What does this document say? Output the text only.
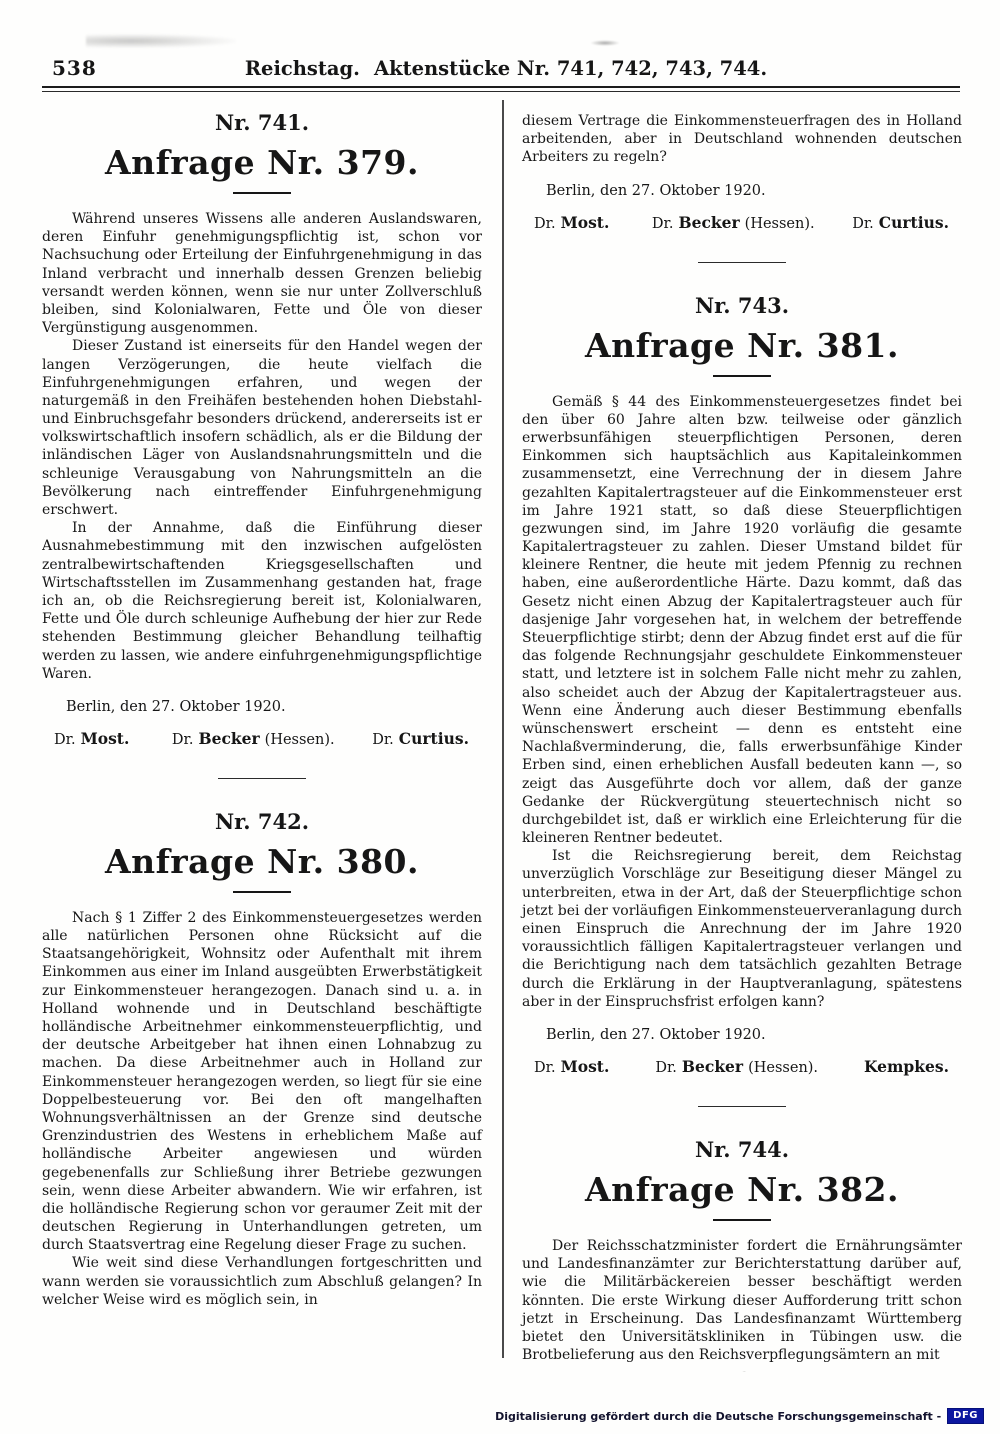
538	Reichstag. Aktenstücke Nr. 741, 742, 743, 744.
Nr. 741.
Anfrage Nr. 379.

Während unseres Wissens alle anderen Auslandswaren, deren Einfuhr genehmigungspflichtig ist, schon vor Nachsuchung oder Erteilung der Einfuhrgenehmigung in das Inland verbracht und innerhalb dessen Grenzen beliebig versandt werden können, wenn sie nur unter Zollverschluß bleiben, sind Kolonialwaren, Fette und Öle von dieser Vergünstigung ausgenommen.

Dieser Zustand ist einerseits für den Handel wegen der langen Verzögerungen, die heute vielfach die Einfuhrgenehmigungen erfahren, und wegen der naturgemäß in den Freihäfen bestehenden hohen Diebstahl- und Einbruchsgefahr besonders drückend, andererseits ist er volkswirtschaftlich insofern schädlich, als er die Bildung der inländischen Läger von Auslandsnahrungsmitteln und die schleunige Verausgabung von Nahrungsmitteln an die Bevölkerung nach eintreffender Einfuhrgenehmigung erschwert.

In der Annahme, daß die Einführung dieser Ausnahmebestimmung mit den inzwischen aufgelösten zentralbewirtschaftenden Kriegsgesellschaften und Wirtschaftsstellen im Zusammenhang gestanden hat, frage ich an, ob die Reichsregierung bereit ist, Kolonialwaren, Fette und Öle durch schleunige Aufhebung der hier zur Rede stehenden Bestimmung gleicher Behandlung teilhaftig werden zu lassen, wie andere einfuhrgenehmigungspflichtige Waren.

Berlin, den 27. Oktober 1920.

Dr. Most.	Dr. Becker (Hessen).	Dr. Curtius.
Nr. 742.
Anfrage Nr. 380.

Nach § 1 Ziffer 2 des Einkommensteuergesetzes werden alle natürlichen Personen ohne Rücksicht auf die Staatsangehörigkeit, Wohnsitz oder Aufenthalt mit ihrem Einkommen aus einer im Inland ausgeübten Erwerbstätigkeit zur Einkommensteuer herangezogen. Danach sind u. a. in Holland wohnende und in Deutschland beschäftigte holländische Arbeitnehmer einkommensteuerpflichtig, und der deutsche Arbeitgeber hat ihnen einen Lohnabzug zu machen. Da diese Arbeitnehmer auch in Holland zur Einkommensteuer herangezogen werden, so liegt für sie eine Doppelbesteuerung vor. Bei den oft mangelhaften Wohnungsverhältnissen an der Grenze sind deutsche Grenzindustrien des Westens in erheblichem Maße auf holländische Arbeiter angewiesen und würden gegebenenfalls zur Schließung ihrer Betriebe gezwungen sein, wenn diese Arbeiter abwandern. Wie wir erfahren, ist die holländische Regierung schon vor geraumer Zeit mit der deutschen Regierung in Unterhandlungen getreten, um durch Staatsvertrag eine Regelung dieser Frage zu suchen.

Wie weit sind diese Verhandlungen fortgeschritten und wann werden sie voraussichtlich zum Abschluß gelangen? In welcher Weise wird es möglich sein, in

diesem Vertrage die Einkommensteuerfragen des in Holland arbeitenden, aber in Deutschland wohnenden deutschen Arbeiters zu regeln?

Berlin, den 27. Oktober 1920.

Dr. Most.	Dr. Becker (Hessen).	Dr. Curtius.
Nr. 743.
Anfrage Nr. 381.

Gemäß § 44 des Einkommensteuergesetzes findet bei den über 60 Jahre alten bzw. teilweise oder gänzlich erwerbsunfähigen steuerpflichtigen Personen, deren Einkommen sich hauptsächlich aus Kapitaleinkommen zusammensetzt, eine Verrechnung der in diesem Jahre gezahlten Kapitalertragsteuer auf die Einkommensteuer erst im Jahre 1921 statt, so daß diese Steuerpflichtigen gezwungen sind, im Jahre 1920 vorläufig die gesamte Kapitalertragsteuer zu zahlen. Dieser Umstand bildet für kleinere Rentner, die heute mit jedem Pfennig zu rechnen haben, eine außerordentliche Härte. Dazu kommt, daß das Gesetz nicht einen Abzug der Kapitalertragsteuer auch für dasjenige Jahr vorgesehen hat, in welchem der betreffende Steuerpflichtige stirbt; denn der Abzug findet erst auf die für das folgende Rechnungsjahr geschuldete Einkommensteuer statt, und letztere ist in solchem Falle nicht mehr zu zahlen, also scheidet auch der Abzug der Kapitalertragsteuer aus. Wenn eine Änderung auch dieser Bestimmung ebenfalls wünschenswert erscheint — denn es entsteht eine Nachlaßverminderung, die, falls erwerbsunfähige Kinder Erben sind, einen erheblichen Ausfall bedeuten kann —, so zeigt das Ausgeführte doch vor allem, daß der ganze Gedanke der Rückvergütung steuertechnisch nicht so durchgebildet ist, daß er wirklich eine Erleichterung für die kleineren Rentner bedeutet.

Ist die Reichsregierung bereit, dem Reichstag unverzüglich Vorschläge zur Beseitigung dieser Mängel zu unterbreiten, etwa in der Art, daß der Steuerpflichtige schon jetzt bei der vorläufigen Einkommensteuerveranlagung durch einen Einspruch die Anrechnung der im Jahre 1920 voraussichtlich fälligen Kapitalertragsteuer verlangen und die Berichtigung nach dem tatsächlich gezahlten Betrage durch die Erklärung in der Hauptveranlagung, spätestens aber in der Einspruchsfrist erfolgen kann?

Berlin, den 27. Oktober 1920.

Dr. Most.	Dr. Becker (Hessen).	Kempkes.
Nr. 744.
Anfrage Nr. 382.

Der Reichsschatzminister fordert die Ernährungsämter und Landesfinanzämter zur Berichterstattung darüber auf, wie die Militärbäckereien besser beschäftigt werden könnten. Die erste Wirkung dieser Aufforderung tritt schon jetzt in Erscheinung. Das Landesfinanzamt Württemberg bietet den Universitätskliniken in Tübingen usw. die Brotbelieferung aus den Reichsverpflegungsämtern an mit

Digitalisierung gefördert durch die Deutsche Forschungsgemeinschaft -	DFG
